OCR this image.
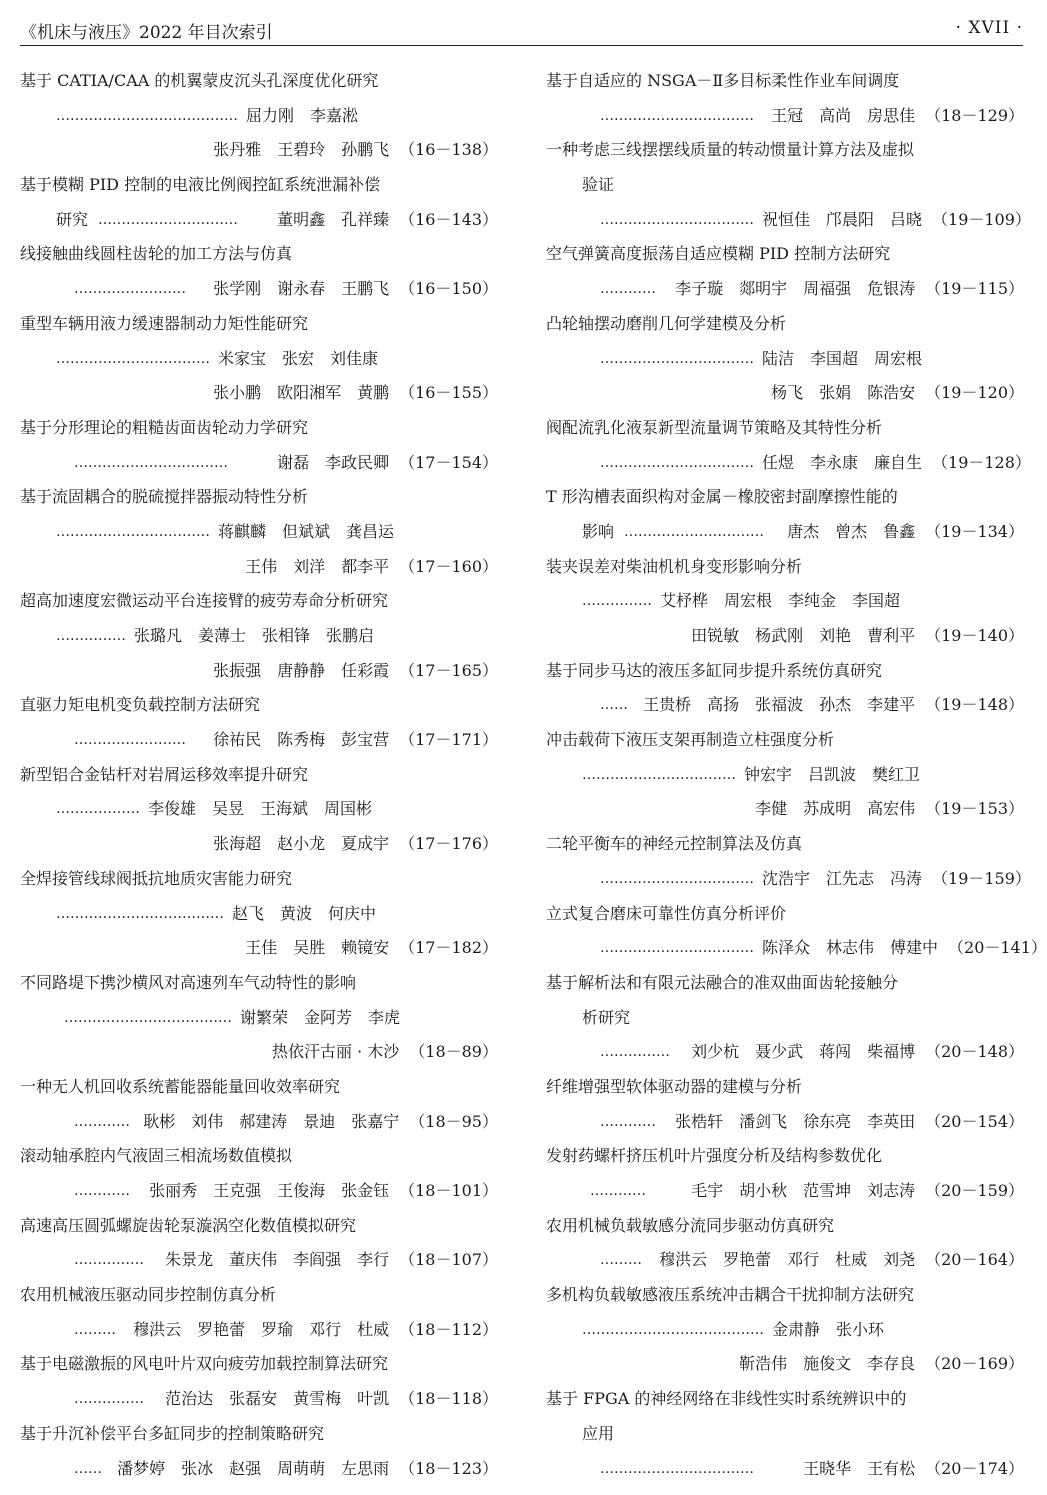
《机床与液压》2022 年目次索引	· XVII ·
基于 CATIA/CAA 的机翼蒙皮沉头孔深度优化研究
………………………………… 屈力刚　李嘉淞
张丹雅　王碧玲　孙鹏飞 （16－138）
基于模糊 PID 控制的电液比例阀控缸系统泄漏补偿
研究 ………………………… 董明鑫　孔祥臻 （16－143）
线接触曲线圆柱齿轮的加工方法与仿真
…………………… 张学刚　谢永春　王鹏飞 （16－150）
重型车辆用液力缓速器制动力矩性能研究
…………………………… 米家宝　张宏　刘佳康
张小鹏　欧阳湘军　黄鹏 （16－155）
基于分形理论的粗糙齿面齿轮动力学研究
……………………………	谢磊　李政民卿 （17－154）
基于流固耦合的脱硫搅拌器振动特性分析
…………………………… 蒋麒麟　但斌斌　龚昌运
王伟　刘洋　都李平 （17－160）
超高加速度宏微运动平台连接臂的疲劳寿命分析研究
…………… 张璐凡　姜薄士　张相锋　张鹏启
张振强　唐静静　任彩霞 （17－165）
直驱力矩电机变负载控制方法研究
…………………… 徐祐民　陈秀梅　彭宝营 （17－171）
新型铝合金钻杆对岩屑运移效率提升研究
……………… 李俊雄　吴昱　王海斌　周国彬
张海超　赵小龙　夏成宇 （17－176）
全焊接管线球阀抵抗地质灾害能力研究
……………………………… 赵飞　黄波　何庆中
王佳　吴胜　赖镜安 （17－182）
不同路堤下携沙横风对高速列车气动特性的影响
……………………………… 谢繁荣　金阿芳　李虎
热依汗古丽 · 木沙 （18－89）
一种无人机回收系统蓄能器能量回收效率研究
………… 耿彬　刘伟　郝建涛　景迪　张嘉宁 （18－95）
滚动轴承腔内气液固三相流场数值模拟
………… 张丽秀　王克强　王俊海　张金钰 （18－101）
高速高压圆弧螺旋齿轮泵漩涡空化数值模拟研究
…………… 朱景龙　董庆伟　李阎强　李行 （18－107）
农用机械液压驱动同步控制仿真分析
……… 穆洪云　罗艳蕾　罗瑜　邓行　杜威 （18－112）
基于电磁激振的风电叶片双向疲劳加载控制算法研究
…………… 范治达　张磊安　黄雪梅　叶凯 （18－118）
基于升沉补偿平台多缸同步的控制策略研究
…… 潘梦婷　张冰　赵强　周萌萌　左思雨 （18－123）
基于自适应的 NSGA－Ⅱ多目标柔性作业车间调度
…………………………… 王冠　高尚　房思佳 （18－129）
一种考虑三线摆摆线质量的转动惯量计算方法及虚拟
验证
…………………………… 祝恒佳　邝晨阳　吕晓 （19－109）
空气弹簧高度振荡自适应模糊 PID 控制方法研究
………… 李子璇　郯明宇　周福强　危银涛 （19－115）
凸轮轴摆动磨削几何学建模及分析
…………………………… 陆洁　李国超　周宏根
杨飞　张娟　陈浩安 （19－120）
阀配流乳化液泵新型流量调节策略及其特性分析
…………………………… 任煜　李永康　廉自生 （19－128）
T 形沟槽表面织构对金属－橡胶密封副摩擦性能的
影响 ………………………… 唐杰　曾杰　鲁鑫 （19－134）
装夹误差对柴油机机身变形影响分析
…………… 艾杼桦　周宏根　李纯金　李国超
田锐敏　杨武刚　刘艳　曹利平 （19－140）
基于同步马达的液压多缸同步提升系统仿真研究
…… 王贵桥　高扬　张福波　孙杰　李建平 （19－148）
冲击载荷下液压支架再制造立柱强度分析
…………………………… 钟宏宇　吕凯波　樊红卫
李健　苏成明　高宏伟 （19－153）
二轮平衡车的神经元控制算法及仿真
…………………………… 沈浩宇　江先志　冯涛 （19－159）
立式复合磨床可靠性仿真分析评价
…………………………… 陈泽众　林志伟　傅建中 （20－141）
基于解析法和有限元法融合的准双曲面齿轮接触分
析研究
…………… 刘少杭　聂少武　蒋闯　柴福博 （20－148）
纤维增强型软体驱动器的建模与分析
………… 张梏轩　潘剑飞　徐东亮　李英田 （20－154）
发射药螺杆挤压机叶片强度分析及结构参数优化
…………	毛宇　胡小秋　范雪坤　刘志涛 （20－159）
农用机械负载敏感分流同步驱动仿真研究
……… 穆洪云　罗艳蕾　邓行　杜威　刘尧 （20－164）
多机构负载敏感液压系统冲击耦合干扰抑制方法研究
………………………………… 金肃静　张小环
靳浩伟　施俊文　李存良 （20－169）
基于 FPGA 的神经网络在非线性实时系统辨识中的
应用
……………………………	王晓华　王有松 （20－174）
